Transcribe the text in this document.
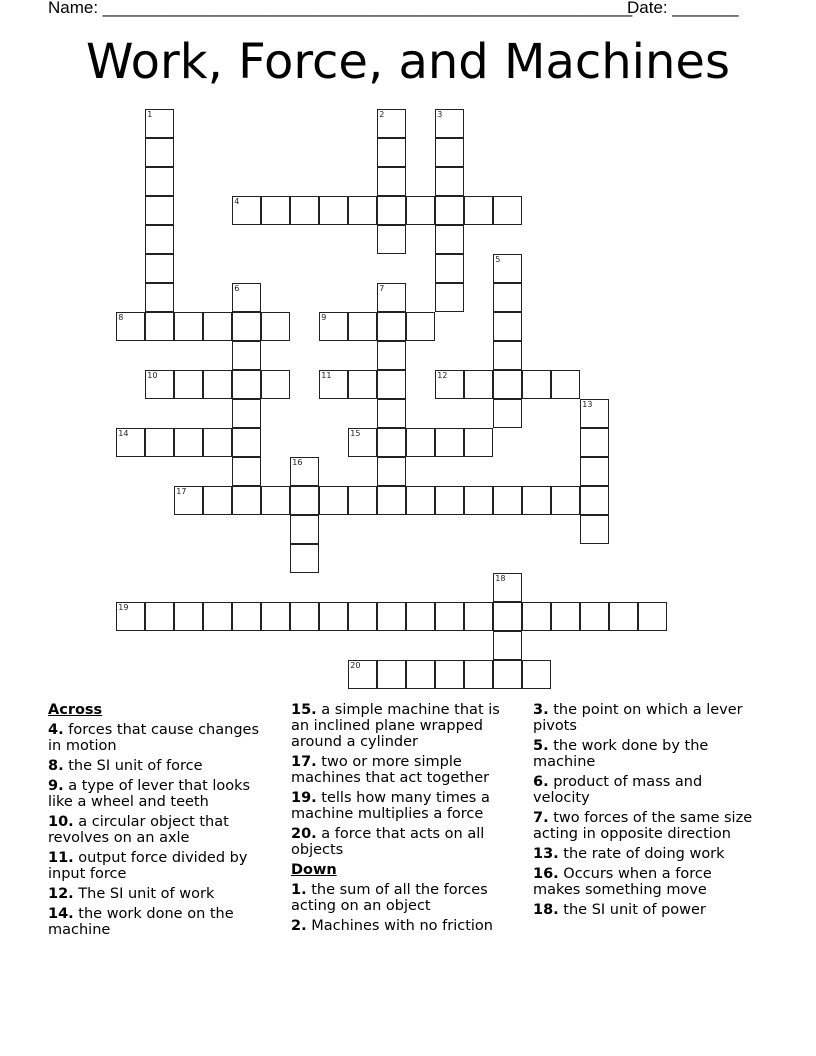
Name: ________________________________________________________
Date: _______
Work, Force, and Machines
1	2	3
4
5
6	7
8	9
10	11	12
13
14	15
16
17
18
19
20
Across
4. forces that cause changes in motion
8. the SI unit of force
9. a type of lever that looks like a wheel and teeth
10. a circular object that revolves on an axle
11. output force divided by input force
12. The SI unit of work
14. the work done on the machine
15. a simple machine that is an inclined plane wrapped around a cylinder
17. two or more simple machines that act together
19. tells how many times a machine multiplies a force
20. a force that acts on all objects
Down
1. the sum of all the forces acting on an object
2. Machines with no friction
3. the point on which a lever pivots
5. the work done by the machine
6. product of mass and velocity
7. two forces of the same size acting in opposite direction
13. the rate of doing work
16. Occurs when a force makes something move
18. the SI unit of power
